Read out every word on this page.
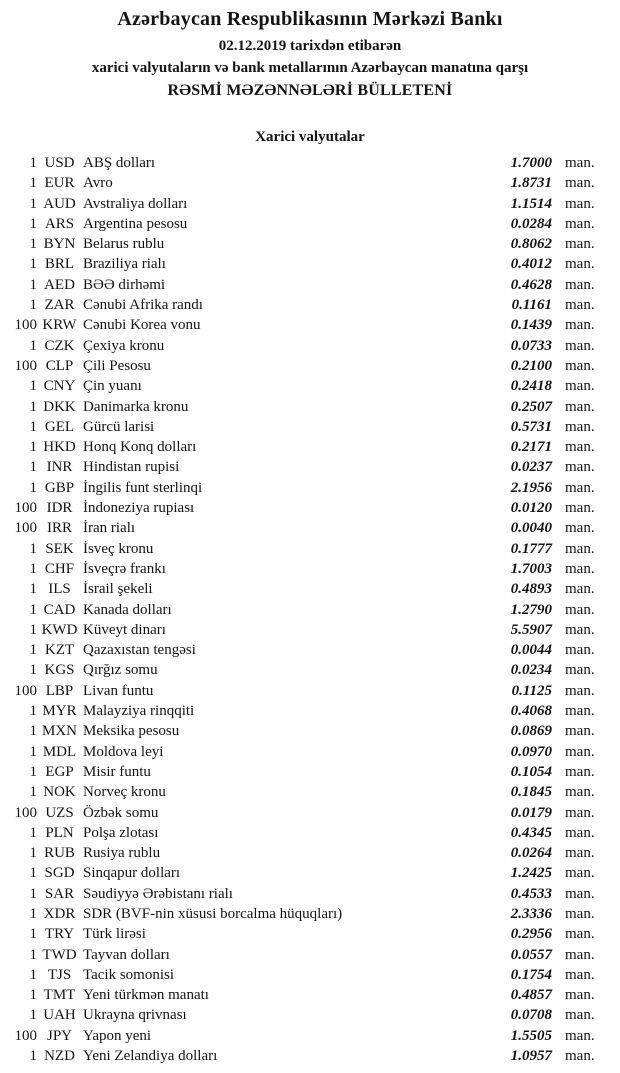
Azərbaycan Respublikasının Mərkəzi Bankı
02.12.2019 tarixdən etibarən
xarici valyutaların və bank metallarının Azərbaycan manatına qarşı
RƏSMİ MƏZƏNNƏLƏRİ BÜLLETENİ
Xarici valyutalar
1 USD ABŞ dolları	1.7000 man.
1 EUR Avro	1.8731 man.
1 AUD Avstraliya dolları	1.1514 man.
1 ARS Argentina pesosu	0.0284 man.
1 BYN Belarus rublu	0.8062 man.
1 BRL Braziliya rialı	0.4012 man.
1 AED BƏƏ dirhəmi	0.4628 man.
1 ZAR Cənubi Afrika randı	0.1161 man.
100 KRW Cənubi Korea vonu	0.1439 man.
1 CZK Çexiya kronu	0.0733 man.
100 CLP Çili Pesosu	0.2100 man.
1 CNY Çin yuanı	0.2418 man.
1 DKK Danimarka kronu	0.2507 man.
1 GEL Gürcü larisi	0.5731 man.
1 HKD Honq Konq dolları	0.2171 man.
1 INR Hindistan rupisi	0.0237 man.
1 GBP İngilis funt sterlinqi	2.1956 man.
100 IDR İndoneziya rupiası	0.0120 man.
100 IRR İran rialı	0.0040 man.
1 SEK İsveç kronu	0.1777 man.
1 CHF İsveçrə frankı	1.7003 man.
1 ILS İsrail şekeli	0.4893 man.
1 CAD Kanada dolları	1.2790 man.
1 KWD Küveyt dinarı	5.5907 man.
1 KZT Qazaxıstan tengəsi	0.0044 man.
1 KGS Qırğız somu	0.0234 man.
100 LBP Livan funtu	0.1125 man.
1 MYR Malayziya rinqqiti	0.4068 man.
1 MXN Meksika pesosu	0.0869 man.
1 MDL Moldova leyi	0.0970 man.
1 EGP Misir funtu	0.1054 man.
1 NOK Norveç kronu	0.1845 man.
100 UZS Özbək somu	0.0179 man.
1 PLN Polşa zlotası	0.4345 man.
1 RUB Rusiya rublu	0.0264 man.
1 SGD Sinqapur dolları	1.2425 man.
1 SAR Səudiyyə Ərəbistanı rialı	0.4533 man.
1 XDR SDR (BVF-nin xüsusi borcalma hüquqları)	2.3336 man.
1 TRY Türk lirəsi	0.2956 man.
1 TWD Tayvan dolları	0.0557 man.
1 TJS Tacik somonisi	0.1754 man.
1 TMT Yeni türkmən manatı	0.4857 man.
1 UAH Ukrayna qrivnası	0.0708 man.
100 JPY Yapon yeni	1.5505 man.
1 NZD Yeni Zelandiya dolları	1.0957 man.
